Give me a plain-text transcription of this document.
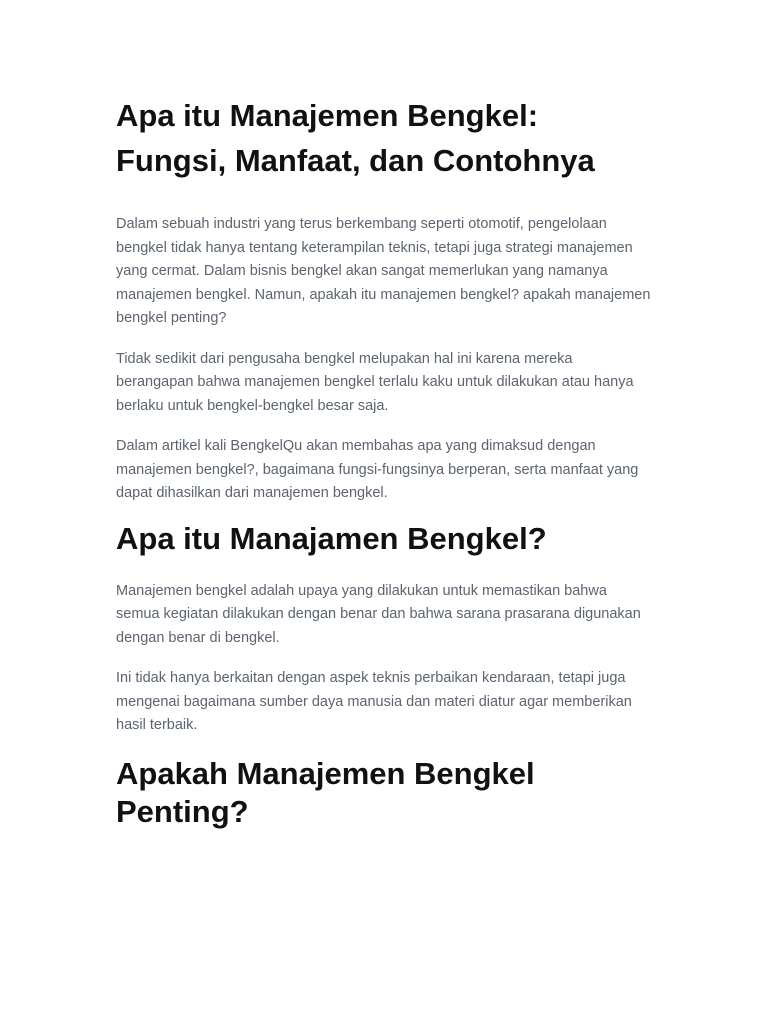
Apa itu Manajemen Bengkel: Fungsi, Manfaat, dan Contohnya

Dalam sebuah industri yang terus berkembang seperti otomotif, pengelolaan bengkel tidak hanya tentang keterampilan teknis, tetapi juga strategi manajemen yang cermat. Dalam bisnis bengkel akan sangat memerlukan yang namanya manajemen bengkel. Namun, apakah itu manajemen bengkel? apakah manajemen bengkel penting?

Tidak sedikit dari pengusaha bengkel melupakan hal ini karena mereka berangapan bahwa manajemen bengkel terlalu kaku untuk dilakukan atau hanya berlaku untuk bengkel-bengkel besar saja.

Dalam artikel kali BengkelQu akan membahas apa yang dimaksud dengan manajemen bengkel?, bagaimana fungsi-fungsinya berperan, serta manfaat yang dapat dihasilkan dari manajemen bengkel.

Apa itu Manajamen Bengkel?

Manajemen bengkel adalah upaya yang dilakukan untuk memastikan bahwa semua kegiatan dilakukan dengan benar dan bahwa sarana prasarana digunakan dengan benar di bengkel.

Ini tidak hanya berkaitan dengan aspek teknis perbaikan kendaraan, tetapi juga mengenai bagaimana sumber daya manusia dan materi diatur agar memberikan hasil terbaik.

Apakah Manajemen Bengkel Penting?
